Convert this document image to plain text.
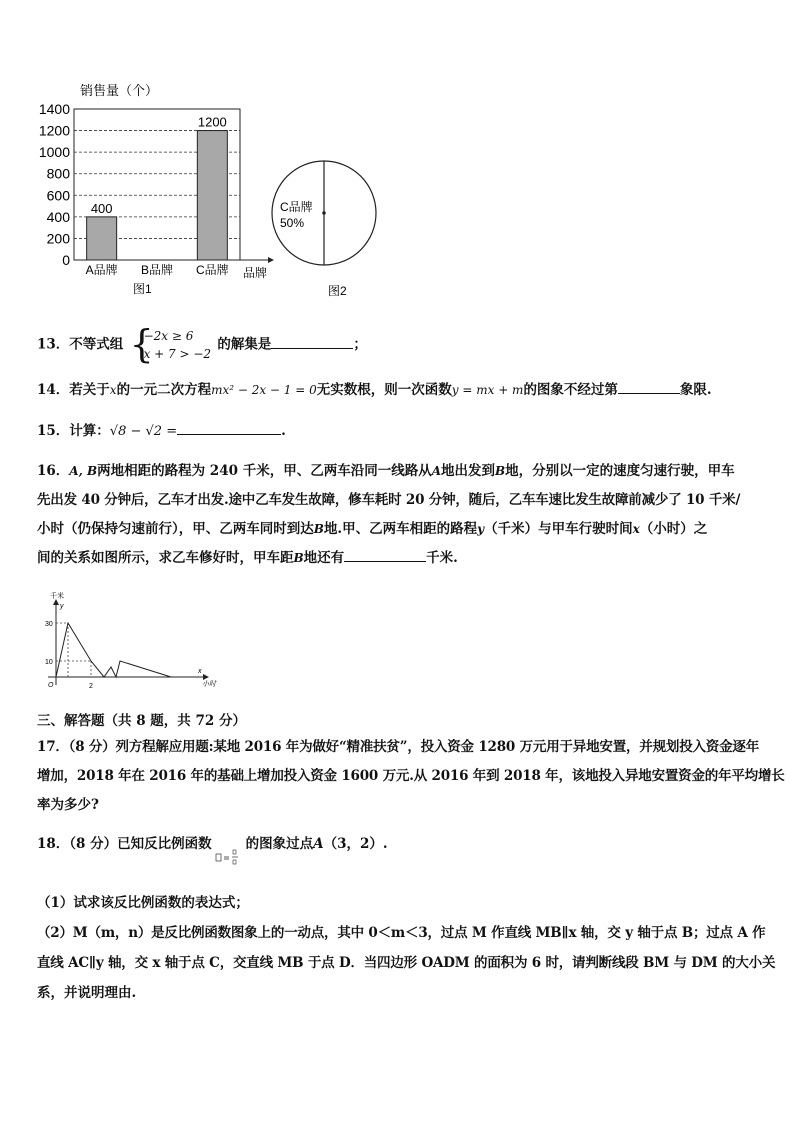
400
1200
0
200
400
600
800
1000
1200
1400
A品牌 B品牌 C品牌
销售量（个）
品牌
图1
C品牌
50%
图2
13．不等式组 {
−2x ≥ 6
x + 7 > −2
的解集是	；
14．若关于x的一元二次方程mx² − 2x − 1 = 0无实数根，则一次函数y = mx + m的图象不经过第	象限.
15．计算：√8 − √2 =	.
16．A, B两地相距的路程为 240 千米，甲、乙两车沿同一线路从A地出发到B地，分别以一定的速度匀速行驶，甲车
先出发 40 分钟后，乙车才出发.途中乙车发生故障，修车耗时 20 分钟，随后，乙车车速比发生故障前减少了 10 千米/
小时（仍保持匀速前行），甲、乙两车同时到达B地.甲、乙两车相距的路程y（千米）与甲车行驶时间x（小时）之
间的关系如图所示，求乙车修好时，甲车距B地还有	千米.
千米
y
x
小时
30
10
O	2
三、解答题（共 8 题，共 72 分）
17．（8 分）列方程解应用题:某地 2016 年为做好“精准扶贫”，投入资金 1280 万元用于异地安置，并规划投入资金逐年
增加，2018 年在 2016 年的基础上增加投入资金 1600 万元.从 2016 年到 2018 年，该地投入异地安置资金的年平均增长
率为多少?
18．（8 分）已知反比例函数	的图象过点A（3，2）.
（1）试求该反比例函数的表达式；
（2）M（m，n）是反比例函数图象上的一动点，其中 0＜m＜3，过点 M 作直线 MB∥x 轴，交 y 轴于点 B；过点 A 作
直线 AC∥y 轴，交 x 轴于点 C，交直线 MB 于点 D．当四边形 OADM 的面积为 6 时，请判断线段 BM 与 DM 的大小关
系，并说明理由.
